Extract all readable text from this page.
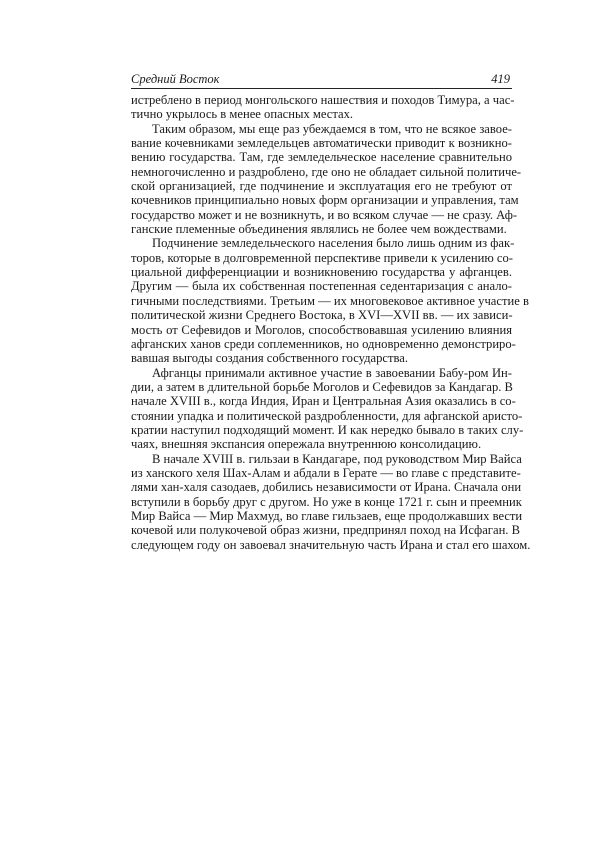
Средний Восток	419
истреблено в период монгольского нашествия и походов Тимура, а час-
тично укрылось в менее опасных местах.
Таким образом, мы еще раз убеждаемся в том, что не всякое завое-
вание кочевниками земледельцев автоматически приводит к возникно-
вению государства. Там, где земледельческое население сравнительно
немногочисленно и раздроблено, где оно не обладает сильной политиче-
ской организацией, где подчинение и эксплуатация его не требуют от
кочевников принципиально новых форм организации и управления, там
государство может и не возникнуть, и во всяком случае — не сразу. Аф-
ганские племенные объединения являлись не более чем вождествами.
Подчинение земледельческого населения было лишь одним из фак-
торов, которые в долговременной перспективе привели к усилению со-
циальной дифференциации и возникновению государства у афганцев.
Другим — была их собственная постепенная седентаризация с анало-
гичными последствиями. Третьим — их многовековое активное участие в
политической жизни Среднего Востока, в XVI—XVII вв. — их зависи-
мость от Сефевидов и Моголов, способствовавшая усилению влияния
афганских ханов среди соплеменников, но одновременно демонстриро-
вавшая выгоды создания собственного государства.
Афганцы принимали активное участие в завоевании Бабу-ром Ин-
дии, а затем в длительной борьбе Моголов и Сефевидов за Кандагар. В
начале XVIII в., когда Индия, Иран и Центральная Азия оказались в со-
стоянии упадка и политической раздробленности, для афганской аристо-
кратии наступил подходящий момент. И как нередко бывало в таких слу-
чаях, внешняя экспансия опережала внутреннюю консолидацию.
В начале XVIII в. гильзаи в Кандагаре, под руководством Мир Вайса
из ханского хеля Шах-Алам и абдали в Герате — во главе с представите-
лями хан-халя сазодаев, добились независимости от Ирана. Сначала они
вступили в борьбу друг с другом. Но уже в конце 1721 г. сын и преемник
Мир Вайса — Мир Махмуд, во главе гильзаев, еще продолжавших вести
кочевой или полукочевой образ жизни, предпринял поход на Исфаган. В
следующем году он завоевал значительную часть Ирана и стал его шахом.
